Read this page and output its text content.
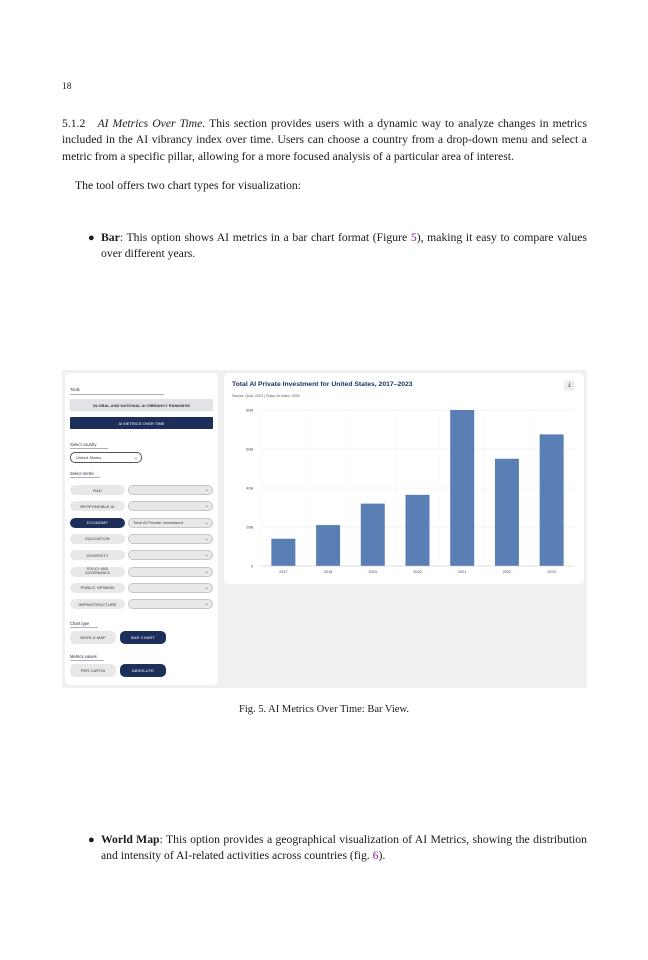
18

5.1.2 AI Metrics Over Time. This section provides users with a dynamic way to analyze changes in metrics included in the AI vibrancy index over time. Users can choose a country from a drop-down menu and select a metric from a specific pillar, allowing for a more focused analysis of a particular area of interest.

The tool offers two chart types for visualization:

● Bar: This option shows AI metrics in a bar chart format (Figure 5), making it easy to compare values over different years.
Tools
GLOBAL AND NATIONAL AI VIBRANCY RANKINGS
AI METRICS OVER TIME
Select country
United States	⌄
Select metric
R&D	⌄
RESPONSIBLE AI	⌄
ECONOMY	Total AI Private Investment	⌄
EDUCATION	⌄
DIVERSITY	⌄
POLICY AND GOVERNANCE	⌄
PUBLIC OPINION	⌄
INFRASTRUCTURE	⌄
Chart type
WORLD MAP	BAR CHART
Metrics values
PER CAPITA	ABSOLUTE
Total AI Private Investment for United States, 2017–2023
Source: Quid, 2023 | Chart: AI Index, 2024
⤓
0
20B
40B
60B
80B
2017	2018	2019	2020	2021	2022	2023
Fig. 5. AI Metrics Over Time: Bar View.
● World Map: This option provides a geographical visualization of AI Metrics, showing the distribution and intensity of AI-related activities across countries (fig. 6).
